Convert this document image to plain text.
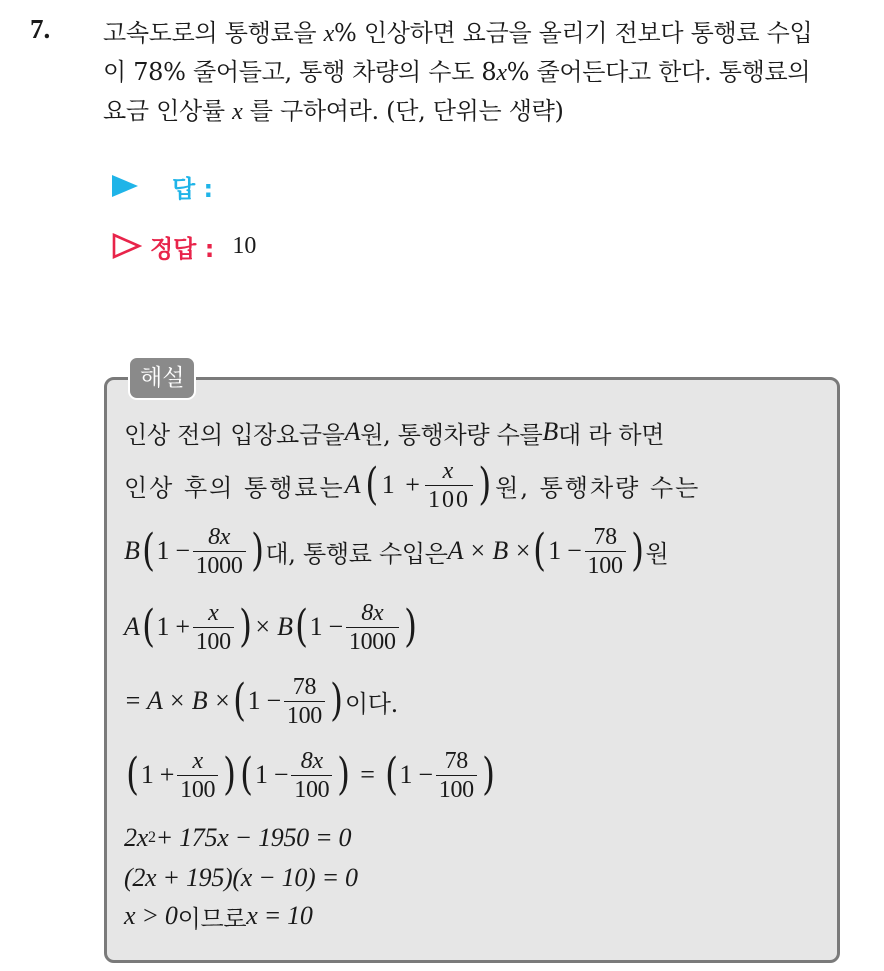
7. 고속도로의 통행료을 x% 인상하면 요금을 올리기 전보다 통행료 수입
이 78% 줄어들고, 통행 차량의 수도 8x% 줄어든다고 한다. 통행료의
요금 인상률 x 를 구하여라. (단, 단위는 생략)
답 :
정답 : 10
해설
인상 전의 입장요금을 A 원, 통행차량 수를 B 대 라 하면
인상 후의 통행료는 A ( $1 + \frac{x}{100}$ ) 원, 통행차량 수는
B ( $1 - \frac{8x}{1000}$ ) 대, 통행료 수입은 A × B × ( $1 - \frac{78}{100}$ ) 원
A ( $1 + \frac{x}{100}$ ) × B ( $1 - \frac{8x}{1000}$ )
= A × B × ( $1 - \frac{78}{100}$ ) 이다.
( $1 + \frac{x}{100}$ ) ( $1 - \frac{8x}{100}$ ) = ( $1 - \frac{78}{100}$ )
2x 2 + 175x − 1950 = 0
(2x + 195)(x − 10) = 0
x > 0 이므로 x = 10
